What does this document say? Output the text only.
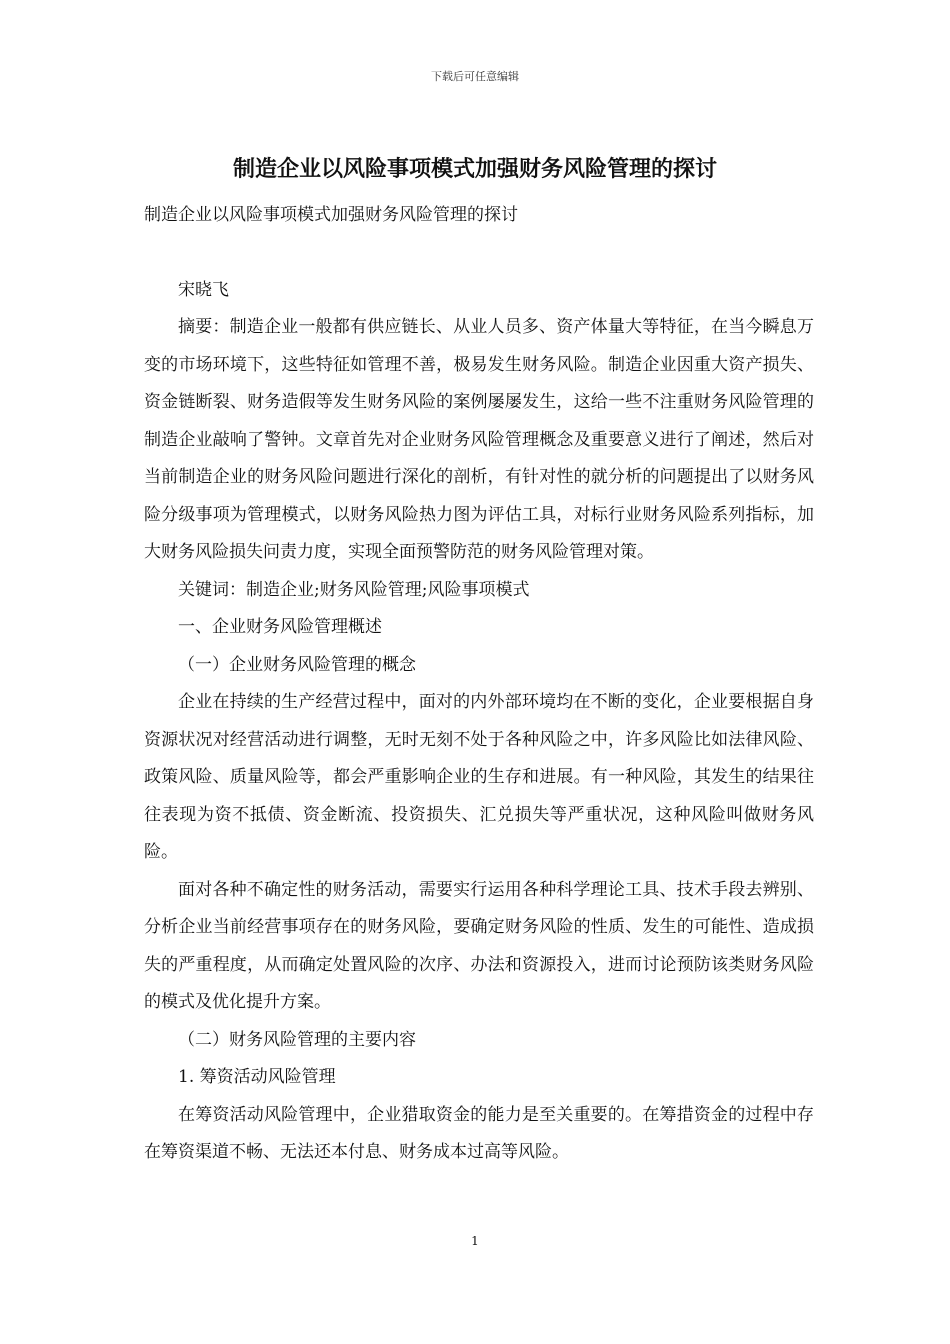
下载后可任意编辑
制造企业以风险事项模式加强财务风险管理的探讨

制造企业以风险事项模式加强财务风险管理的探讨

宋晓飞

摘要：制造企业一般都有供应链长、从业人员多、资产体量大等特征，在当今瞬息万变的市场环境下，这些特征如管理不善，极易发生财务风险。制造企业因重大资产损失、资金链断裂、财务造假等发生财务风险的案例屡屡发生，这给一些不注重财务风险管理的制造企业敲响了警钟。文章首先对企业财务风险管理概念及重要意义进行了阐述，然后对当前制造企业的财务风险问题进行深化的剖析，有针对性的就分析的问题提出了以财务风险分级事项为管理模式，以财务风险热力图为评估工具，对标行业财务风险系列指标，加大财务风险损失问责力度，实现全面预警防范的财务风险管理对策。

关键词：制造企业;财务风险管理;风险事项模式

一、企业财务风险管理概述

（一）企业财务风险管理的概念

企业在持续的生产经营过程中，面对的内外部环境均在不断的变化，企业要根据自身资源状况对经营活动进行调整，无时无刻不处于各种风险之中，许多风险比如法律风险、政策风险、质量风险等，都会严重影响企业的生存和进展。有一种风险，其发生的结果往往表现为资不抵债、资金断流、投资损失、汇兑损失等严重状况，这种风险叫做财务风险。

面对各种不确定性的财务活动，需要实行运用各种科学理论工具、技术手段去辨别、分析企业当前经营事项存在的财务风险，要确定财务风险的性质、发生的可能性、造成损失的严重程度，从而确定处置风险的次序、办法和资源投入，进而讨论预防该类财务风险的模式及优化提升方案。

（二）财务风险管理的主要内容

1. 筹资活动风险管理

在筹资活动风险管理中，企业猎取资金的能力是至关重要的。在筹措资金的过程中存在筹资渠道不畅、无法还本付息、财务成本过高等风险。

1
